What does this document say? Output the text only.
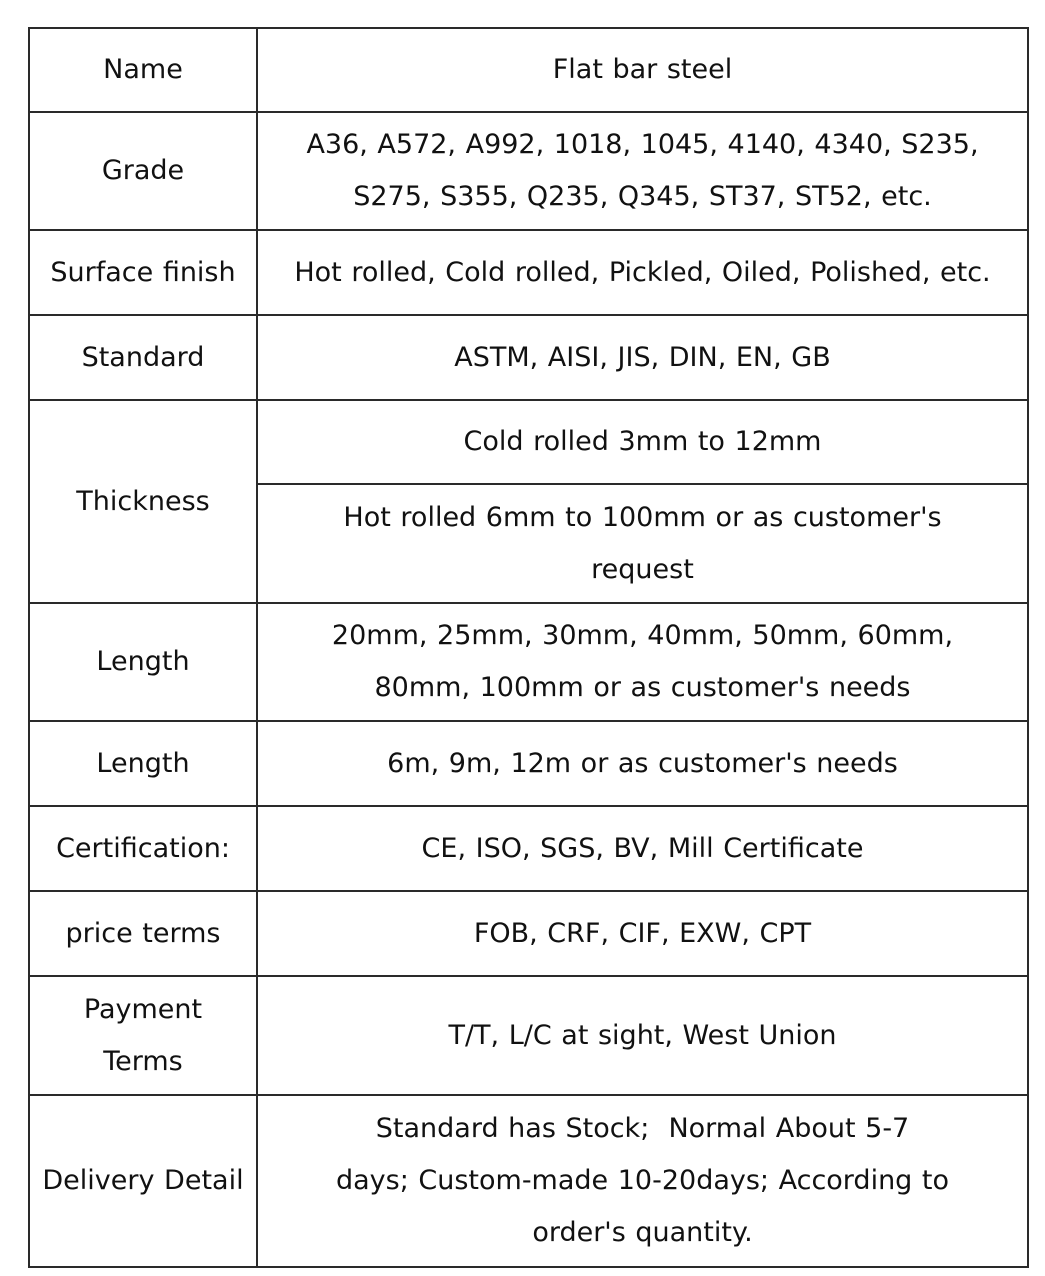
Name	Flat bar steel
Grade	A36, A572, A992, 1018, 1045, 4140, 4340, S235,
S275, S355, Q235, Q345, ST37, ST52, etc.

Surface finish	Hot rolled, Cold rolled, Pickled, Oiled, Polished, etc.
Standard	ASTM, AISI, JIS, DIN, EN, GB
Thickness	Cold rolled 3mm to 12mm

	Hot rolled 6mm to 100mm or as customer's
request

Length	20mm, 25mm, 30mm, 40mm, 50mm, 60mm,
80mm, 100mm or as customer's needs

Length	6m, 9m, 12m or as customer's needs
Certification:	CE, ISO, SGS, BV, Mill Certificate
price terms	FOB, CRF, CIF, EXW, CPT

Payment
Terms	T/T, L/C at sight, West Union
Delivery Detail	Standard has Stock;  Normal About 5-7
days; Custom-made 10-20days; According to
order's quantity.
